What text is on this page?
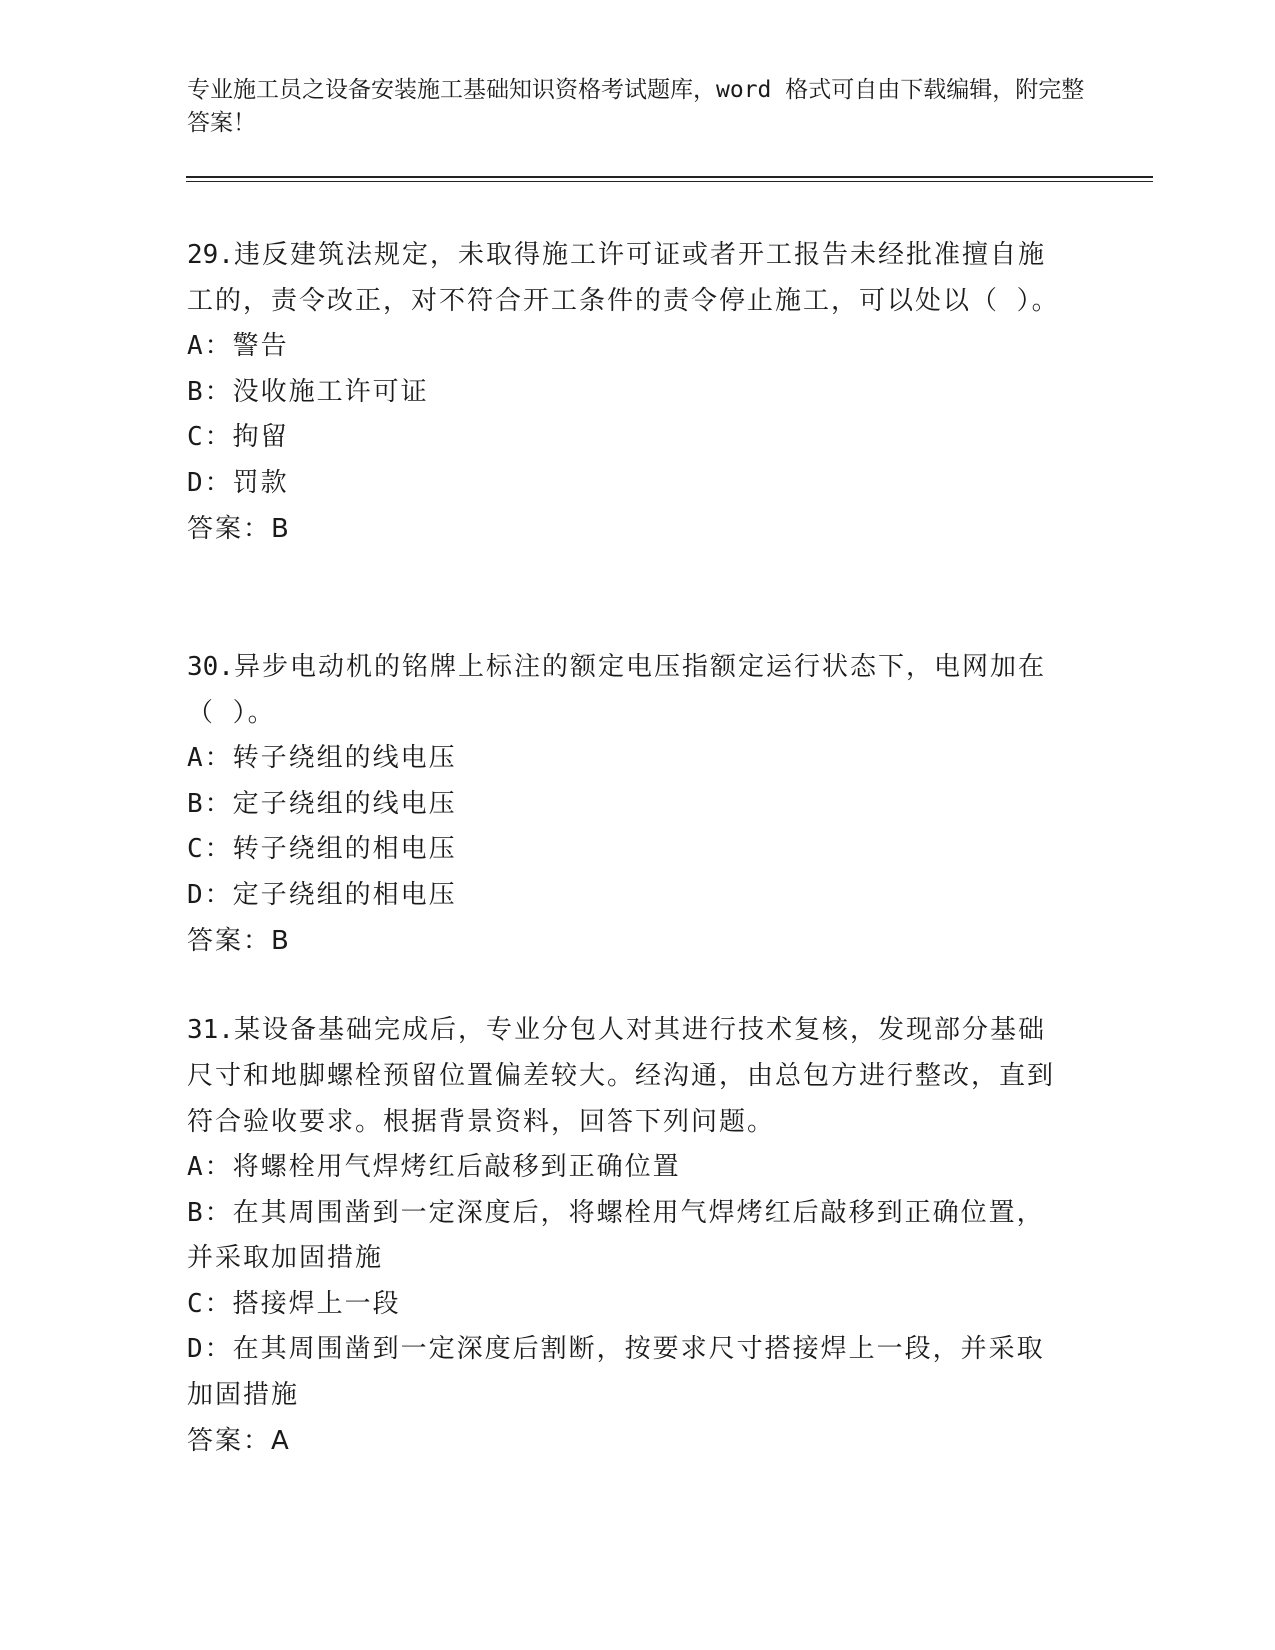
专业施工员之设备安装施工基础知识资格考试题库，word 格式可自由下载编辑，附完整答案！

29.违反建筑法规定，未取得施工许可证或者开工报告未经批准擅自施工的，责令改正，对不符合开工条件的责令停止施工，可以处以（ ）。

A：警告

B：没收施工许可证

C：拘留

D：罚款

答案：B

30.异步电动机的铭牌上标注的额定电压指额定运行状态下，电网加在（ ）。

A：转子绕组的线电压

B：定子绕组的线电压

C：转子绕组的相电压

D：定子绕组的相电压

答案：B

31.某设备基础完成后，专业分包人对其进行技术复核，发现部分基础尺寸和地脚螺栓预留位置偏差较大。经沟通，由总包方进行整改，直到符合验收要求。根据背景资料，回答下列问题。

A：将螺栓用气焊烤红后敲移到正确位置

B：在其周围凿到一定深度后，将螺栓用气焊烤红后敲移到正确位置，并采取加固措施

C：搭接焊上一段

D：在其周围凿到一定深度后割断，按要求尺寸搭接焊上一段，并采取加固措施

答案：A
